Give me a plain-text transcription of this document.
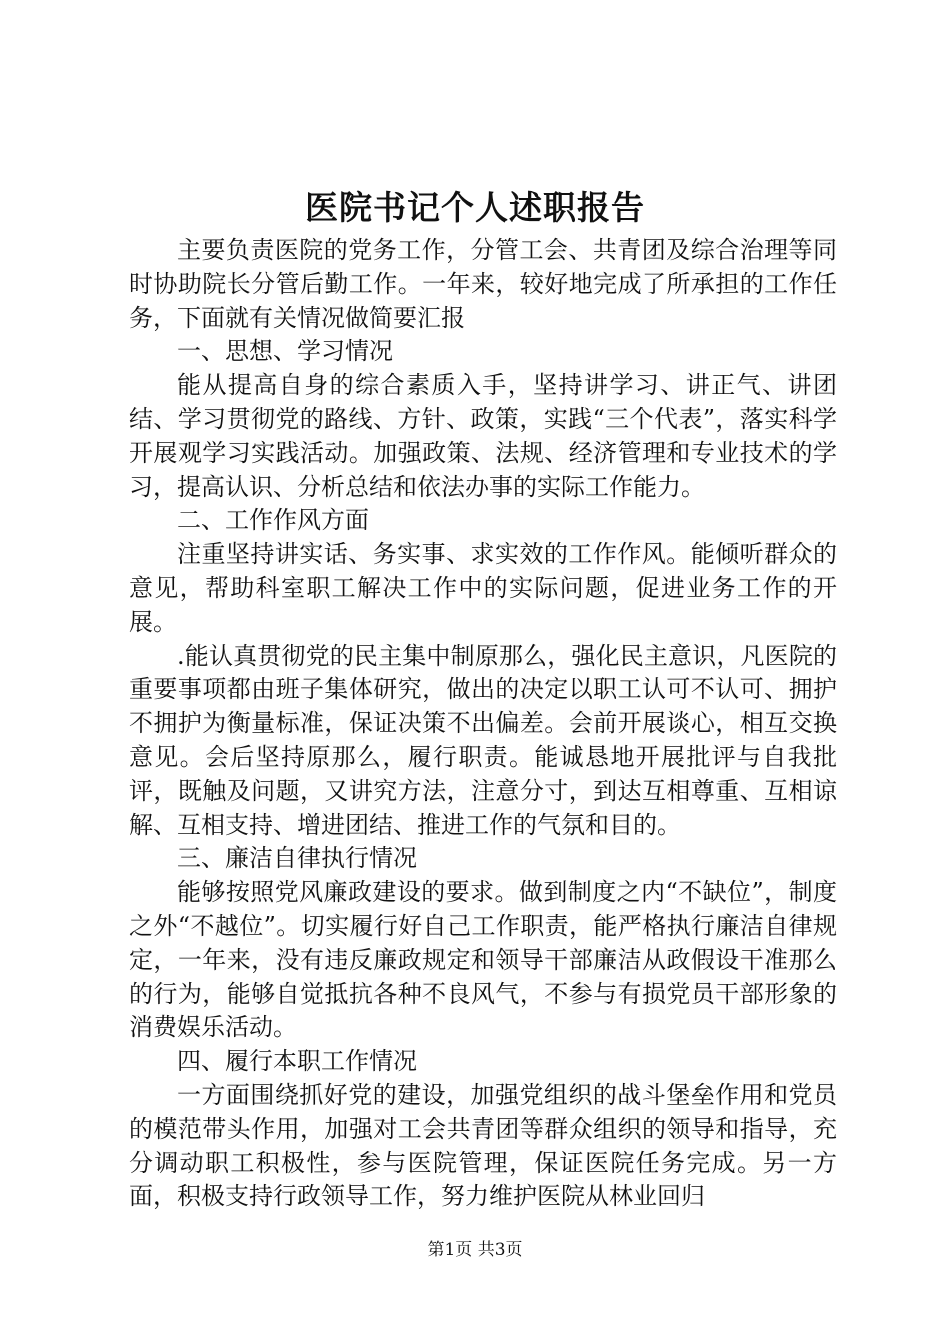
医院书记个人述职报告

主要负责医院的党务工作，分管工会、共青团及综合治理等同时协助院长分管后勤工作。一年来，较好地完成了所承担的工作任务，下面就有关情况做简要汇报

一、思想、学习情况

能从提高自身的综合素质入手，坚持讲学习、讲正气、讲团结、学习贯彻党的路线、方针、政策，实践“三个代表”，落实科学开展观学习实践活动。加强政策、法规、经济管理和专业技术的学习，提高认识、分析总结和依法办事的实际工作能力。

二、工作作风方面

注重坚持讲实话、务实事、求实效的工作作风。能倾听群众的意见，帮助科室职工解决工作中的实际问题，促进业务工作的开展。

.能认真贯彻党的民主集中制原那么，强化民主意识，凡医院的重要事项都由班子集体研究，做出的决定以职工认可不认可、拥护不拥护为衡量标准，保证决策不出偏差。会前开展谈心，相互交换意见。会后坚持原那么，履行职责。能诚恳地开展批评与自我批评，既触及问题，又讲究方法，注意分寸，到达互相尊重、互相谅解、互相支持、增进团结、推进工作的气氛和目的。

三、廉洁自律执行情况

能够按照党风廉政建设的要求。做到制度之内“不缺位”，制度之外“不越位”。切实履行好自己工作职责，能严格执行廉洁自律规定，一年来，没有违反廉政规定和领导干部廉洁从政假设干准那么的行为，能够自觉抵抗各种不良风气，不参与有损党员干部形象的消费娱乐活动。

四、履行本职工作情况

一方面围绕抓好党的建设，加强党组织的战斗堡垒作用和党员的模范带头作用，加强对工会共青团等群众组织的领导和指导，充分调动职工积极性，参与医院管理，保证医院任务完成。另一方面，积极支持行政领导工作，努力维护医院从林业回归

第1页 共3页
